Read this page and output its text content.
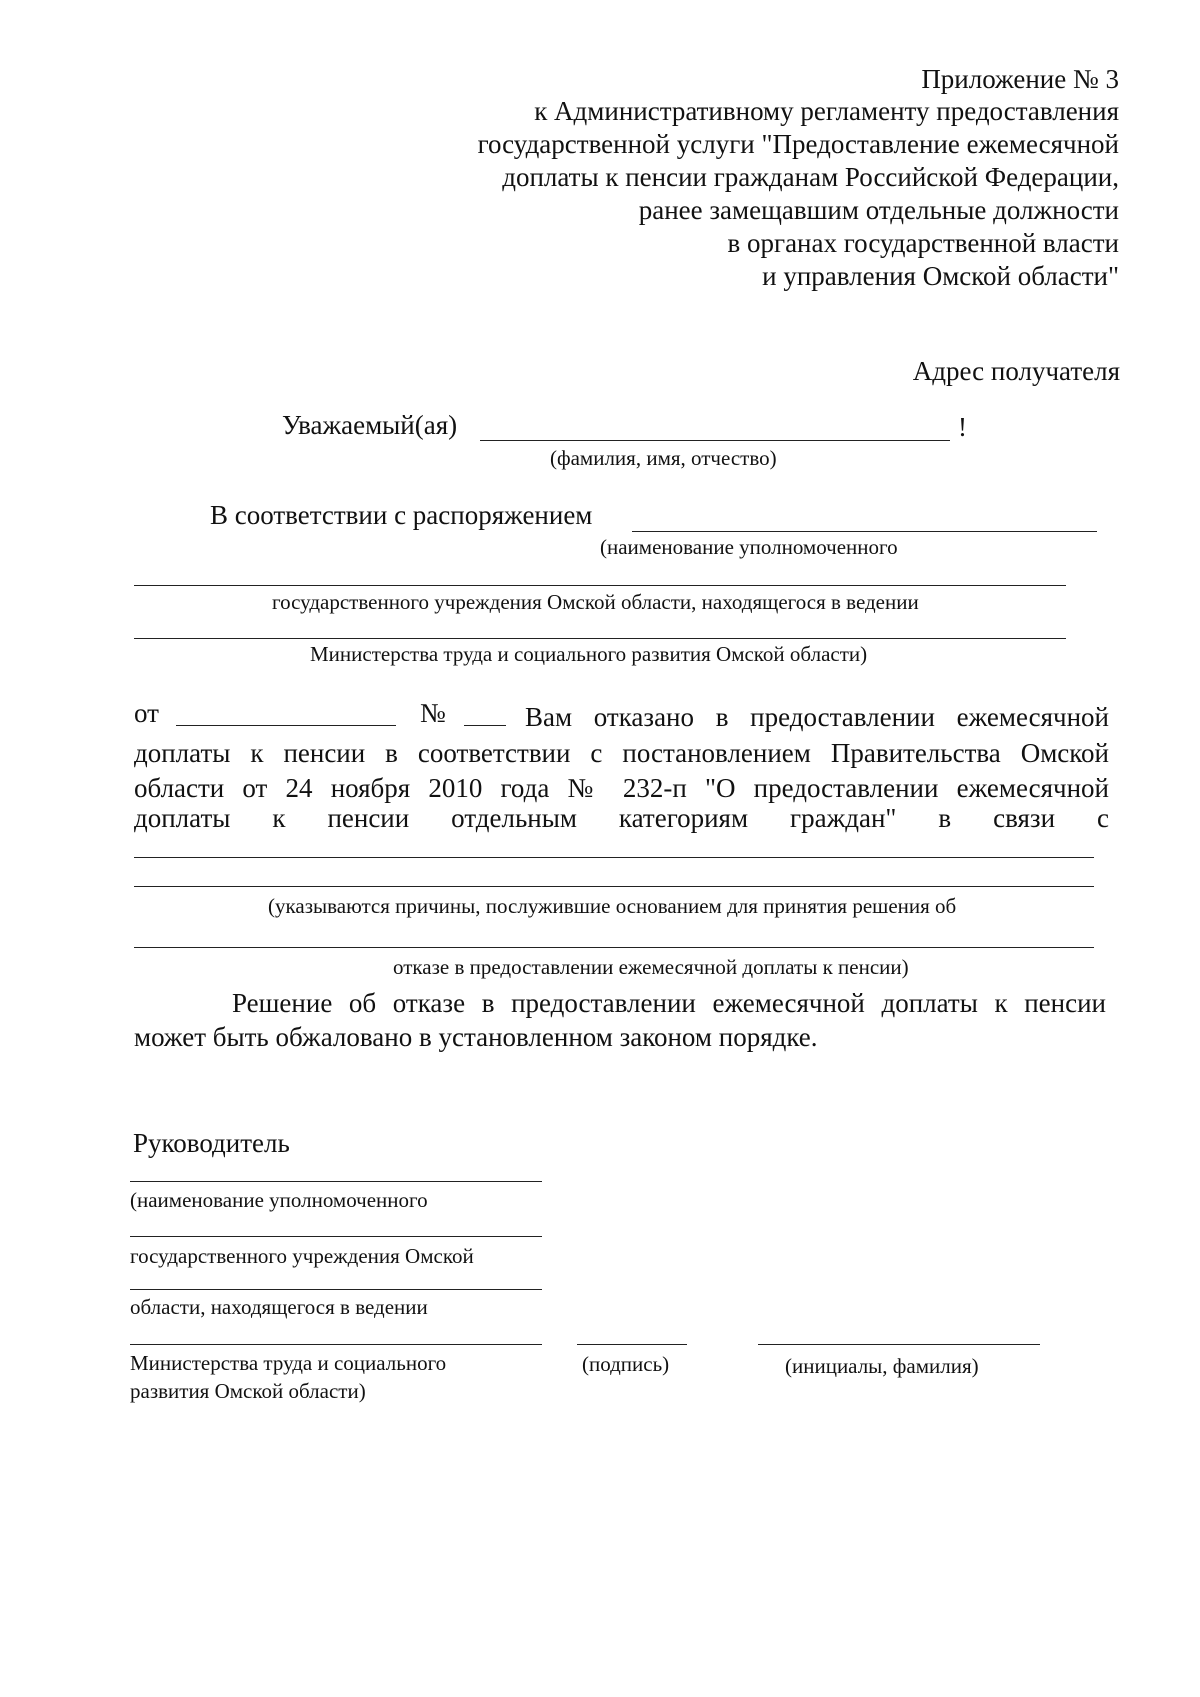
Приложение № 3
к Административному регламенту предоставления
государственной услуги "Предоставление ежемесячной
доплаты к пенсии гражданам Российской Федерации,
ранее замещавшим отдельные должности
в органах государственной власти
и управления Омской области"
Адрес получателя
Уважаемый(ая)	!
(фамилия, имя, отчество)
В соответствии с распоряжением
(наименование уполномоченного
государственного учреждения Омской области, находящегося в ведении
Министерства труда и социального развития Омской области)
от	№	Вам отказано в предоставлении ежемесячной
доплаты к пенсии в соответствии с постановлением Правительства Омской
области от 24 ноября 2010 года № 232-п "О предоставлении ежемесячной
доплаты к пенсии отдельным категориям граждан" в связи с
(указываются причины, послужившие основанием для принятия решения об
отказе в предоставлении ежемесячной доплаты к пенсии)
Решение об отказе в предоставлении ежемесячной доплаты к пенсии
может быть обжаловано в установленном законом порядке.
Руководитель
(наименование уполномоченного
государственного учреждения Омской
области, находящегося в ведении
Министерства труда и социального
развития Омской области)
(подпись)	(инициалы, фамилия)
